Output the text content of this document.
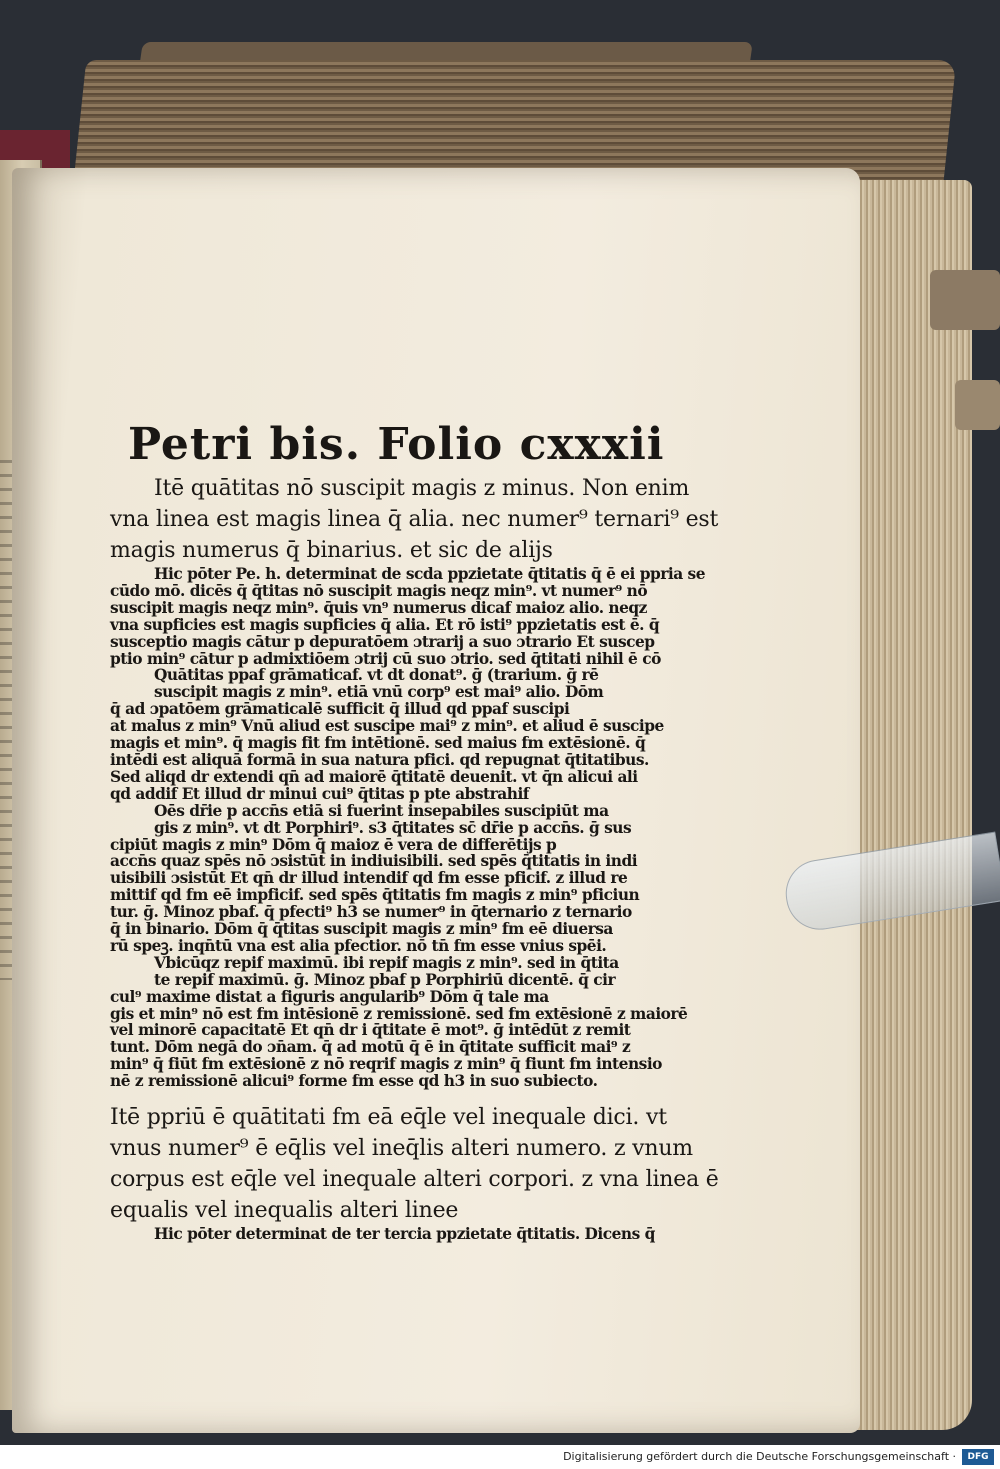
Petri bis. Folio cxxxii
Itē quātitas nō suscipit magis z minus. Non enim
vna linea est magis linea q̄ alia. nec numer⁹ ternari⁹ est
magis numerus q̄ binarius. et sic de alijs
Hic pōter Pe. h. determinat de scda ppzietate q̄titatis q̄ ē ei ppria se
cūdo mō. dicēs q̄ q̄titas nō suscipit magis neqz min⁹. vt numer⁹ nō
suscipit magis neqz min⁹. q̄uis vn⁹ numerus dicaf maioz alio. neqz
vna supficies est magis supficies q̄ alia. Et rō isti⁹ ppzietatis est ē. q̄
susceptio magis cātur p depuratōem ɔtrarij a suo ɔtrario Et suscep
ptio min⁹ cātur p admixtiōem ɔtrij cū suo ɔtrio. sed q̄titati nihil ē cō
Quātitas ppaf grāmaticaf. vt dt donat⁹. ḡ (trarium. ḡ rē
suscipit magis z min⁹. etiā vnū corp⁹ est mai⁹ alio. Dōm
q̄ ad ɔpatōem grāmaticalē sufficit q̄ illud qd ppaf suscipi
at malus z min⁹ Vnū aliud est suscipe mai⁹ z min⁹. et aliud ē suscipe
magis et min⁹. q̄ magis fit fm intētionē. sed maius fm extēsionē. q̄
intēdi est aliquā formā in sua natura pfici. qd repugnat q̄titatibus.
Sed aliqd dr extendi qn̄ ad maiorē q̄titatē deuenit. vt q̄n alicui ali
qd addif Et illud dr minui cui⁹ q̄titas p pte abstrahif
Oēs dr̄ie p accn̄s etiā si fuerint insepabiles suscipiūt ma
gis z min⁹. vt dt Porphiri⁹. s3 q̄titates sc̄ dr̄ie p accn̄s. ḡ sus
cipiūt magis z min⁹ Dōm q̄ maioz ē vera de differētijs p
accn̄s quaz spēs nō ɔsistūt in indiuisibili. sed spēs q̄titatis in indi
uisibili ɔsistūt Et qn̄ dr illud intendif qd fm esse pficif. z illud re
mittif qd fm eē impficif. sed spēs q̄titatis fm magis z min⁹ pficiun
tur. ḡ. Minoz pbaf. q̄ pfecti⁹ h3 se numer⁹ in q̄ternario z ternario
q̄ in binario. Dōm q̄ q̄titas suscipit magis z min⁹ fm eē diuersa
rū speꝫ. inqn̄tū vna est alia pfectior. nō tn̄ fm esse vnius spēi.
Vbicūqz repif maximū. ibi repif magis z min⁹. sed in q̄tita
te repif maximū. ḡ. Minoz pbaf p Porphiriū dicentē. q̄ cir
cul⁹ maxime distat a figuris angularib⁹ Dōm q̄ tale ma
gis et min⁹ nō est fm intēsionē z remissionē. sed fm extēsionē z maiorē
vel minorē capacitatē Et qn̄ dr i q̄titate ē mot⁹. ḡ intēdūt z remit
tunt. Dōm negā do ɔn̄am. q̄ ad motū q̄ ē in q̄titate sufficit mai⁹ z
min⁹ q̄ fiūt fm extēsionē z nō reqrif magis z min⁹ q̄ fiunt fm intensio
nē z remissionē alicui⁹ forme fm esse qd h3 in suo subiecto.
Itē ppriū ē quātitati fm eā eq̄le vel inequale dici. vt
vnus numer⁹ ē eq̄lis vel ineq̄lis alteri numero. z vnum
corpus est eq̄le vel inequale alteri corpori. z vna linea ē
equalis vel inequalis alteri linee
Hic pōter determinat de ter tercia ppzietate q̄titatis. Dicens q̄
Digitalisierung gefördert durch die Deutsche Forschungsgemeinschaft ·	DFG
